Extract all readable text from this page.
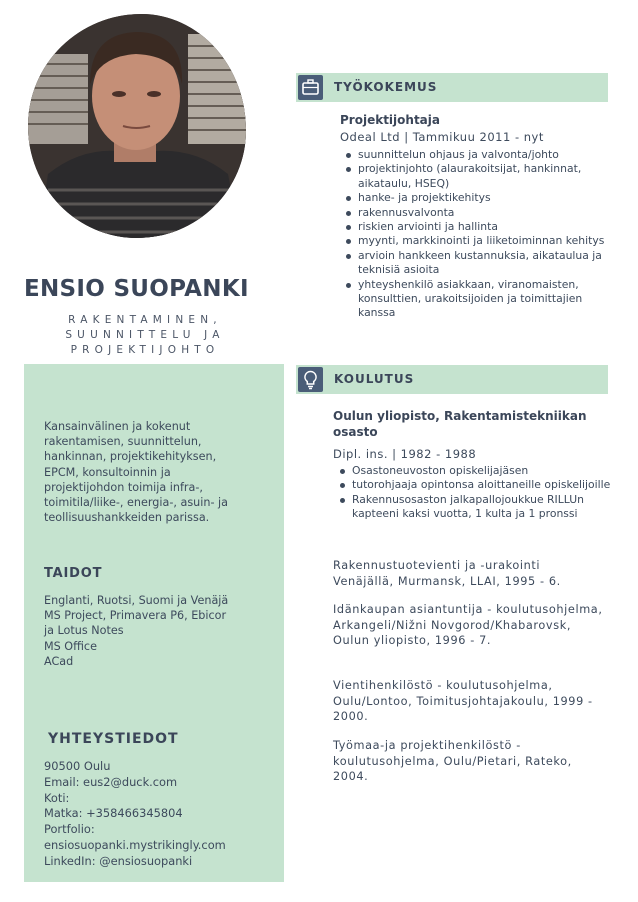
ENSIO SUOPANKI
RAKENTAMINEN,
SUUNNITTELU JA
PROJEKTIJOHTO
Kansainvälinen ja kokenut
rakentamisen, suunnittelun,
hankinnan, projektikehityksen,
EPCM, konsultoinnin ja
projektijohdon toimija infra-,
toimitila/liike-, energia-, asuin- ja
teollisuushankkeiden parissa.
TAIDOT
Englanti, Ruotsi, Suomi ja Venäjä
MS Project, Primavera P6, Ebicor
ja Lotus Notes
MS Office
ACad
YHTEYSTIEDOT
90500 Oulu
Email: eus2@duck.com
Koti:
Matka: +358466345804
Portfolio: ensiosuopanki.mystrikingly.com
LinkedIn: @ensiosuopanki
TYÖKOKEMUS
Projektijohtaja
Odeal Ltd | Tammikuu 2011 - nyt
suunnittelun ohjaus ja valvonta/johto
projektinjohto (alaurakoitsijat, hankinnat, aikataulu, HSEQ)
hanke- ja projektikehitys
rakennusvalvonta
riskien arviointi ja hallinta
myynti, markkinointi ja liiketoiminnan kehitys
arvioin hankkeen kustannuksia, aikataulua ja teknisiä asioita
yhteyshenkilö asiakkaan, viranomaisten, konsulttien, urakoitsijoiden ja toimittajien kanssa
KOULUTUS
Oulun yliopisto, Rakentamistekniikan osasto
Dipl. ins. | 1982 - 1988
Osastoneuvoston opiskelijajäsen
tutorohjaaja opintonsa aloittaneille opiskelijoille
Rakennusosaston jalkapallojoukkue RILLUn kapteeni kaksi vuotta, 1 kulta ja 1 pronssi
Rakennustuotevienti ja -urakointi Venäjällä, Murmansk, LLAI, 1995 - 6.
Idänkaupan asiantuntija - koulutusohjelma, Arkangeli/Nižni Novgorod/Khabarovsk, Oulun yliopisto, 1996 - 7.
Vientihenkilöstö - koulutusohjelma, Oulu/Lontoo, Toimitusjohtajakoulu, 1999 - 2000.
Työmaa-ja projektihenkilöstö - koulutusohjelma, Oulu/Pietari, Rateko, 2004.
